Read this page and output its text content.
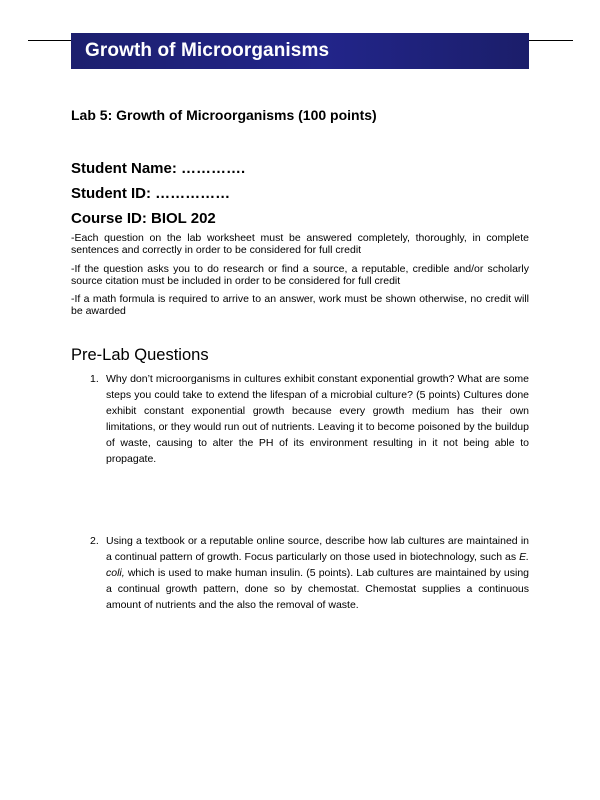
Growth of Microorganisms
Lab 5: Growth of Microorganisms (100 points)
Student Name: ………….
Student ID: ……………
Course ID: BIOL 202
-Each question on the lab worksheet must be answered completely, thoroughly, in complete sentences and correctly in order to be considered for full credit
-If the question asks you to do research or find a source, a reputable, credible and/or scholarly source citation must be included in order to be considered for full credit
-If a math formula is required to arrive to an answer, work must be shown otherwise, no credit will be awarded
Pre-Lab Questions
1. Why don’t microorganisms in cultures exhibit constant exponential growth? What are some steps you could take to extend the lifespan of a microbial culture? (5 points) Cultures done exhibit constant exponential growth because every growth medium has their own limitations, or they would run out of nutrients. Leaving it to become poisoned by the buildup of waste, causing to alter the PH of its environment resulting in it not being able to propagate.
2. Using a textbook or a reputable online source, describe how lab cultures are maintained in a continual pattern of growth. Focus particularly on those used in biotechnology, such as E. coli, which is used to make human insulin. (5 points). Lab cultures are maintained by using a continual growth pattern, done so by chemostat. Chemostat supplies a continuous amount of nutrients and the also the removal of waste.
